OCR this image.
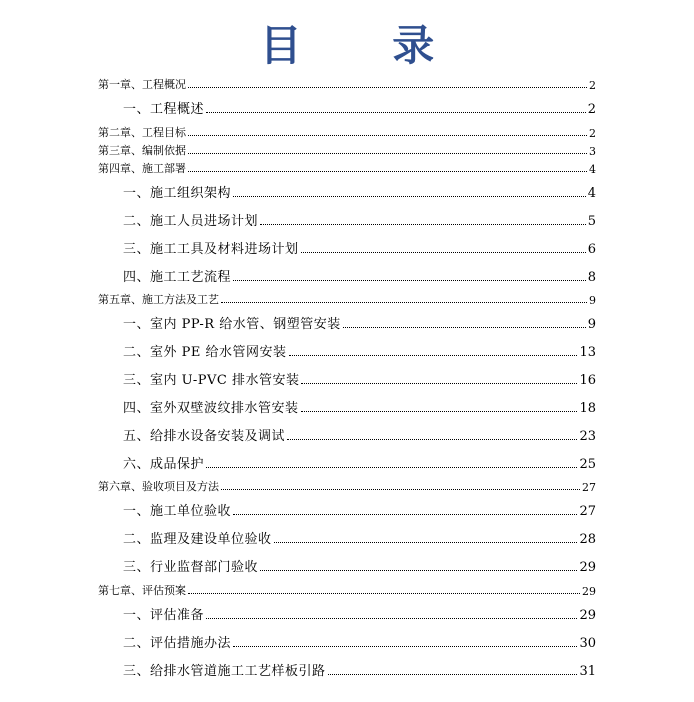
目 录
第一章、工程概况	2
一、工程概述	2
第二章、工程目标	2
第三章、编制依据	3
第四章、施工部署	4
一、施工组织架构	4
二、施工人员进场计划	5
三、施工工具及材料进场计划	6
四、施工工艺流程	8
第五章、施工方法及工艺	9
一、室内 PP-R 给水管、钢塑管安装	9
二、室外 PE 给水管网安装	13
三、室内 U-PVC 排水管安装	16
四、室外双壁波纹排水管安装	18
五、给排水设备安装及调试	23
六、成品保护	25
第六章、验收项目及方法	27
一、施工单位验收	27
二、监理及建设单位验收	28
三、行业监督部门验收	29
第七章、评估预案	29
一、评估准备	29
二、评估措施办法	30
三、给排水管道施工工艺样板引路	31
